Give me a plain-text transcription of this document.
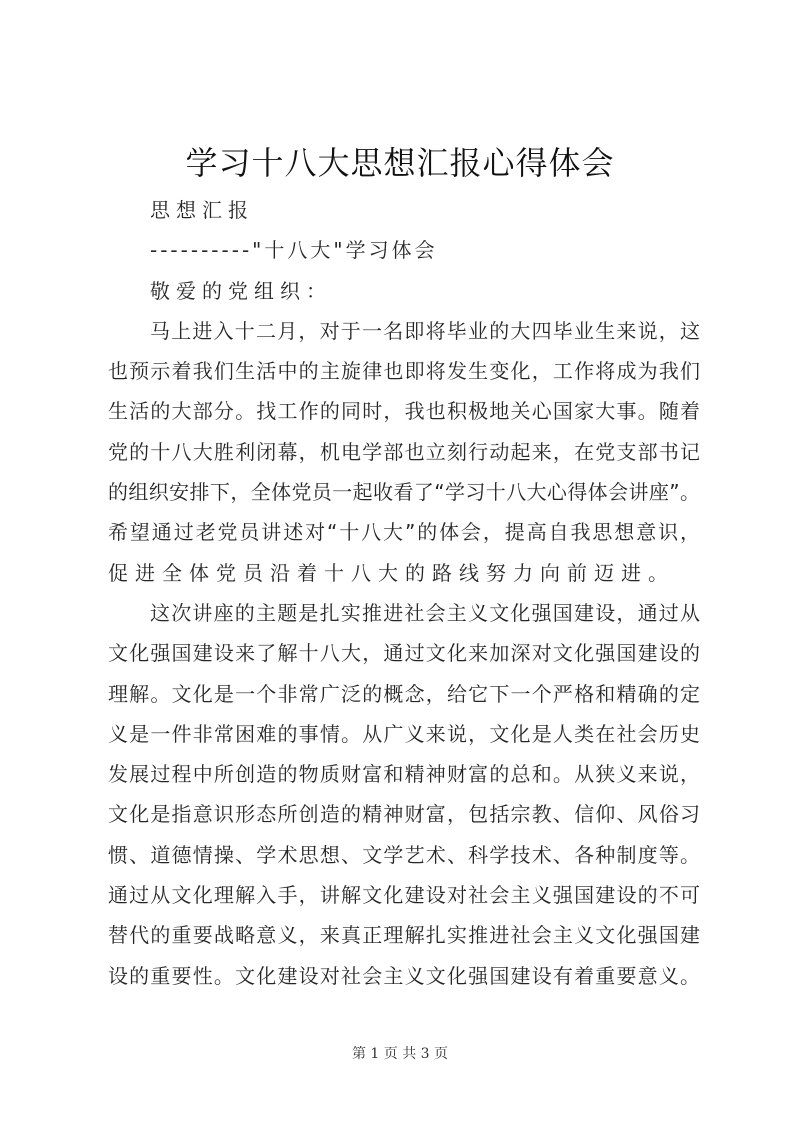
学习十八大思想汇报心得体会
思想汇报
----------"十八大"学习体会
敬爱的党组织：
马上进入十二月，对于一名即将毕业的大四毕业生来说，这
也预示着我们生活中的主旋律也即将发生变化，工作将成为我们
生活的大部分。找工作的同时，我也积极地关心国家大事。随着
党的十八大胜利闭幕，机电学部也立刻行动起来，在党支部书记
的组织安排下，全体党员一起收看了“学习十八大心得体会讲座”。
希望通过老党员讲述对“十八大”的体会，提高自我思想意识，
促进全体党员沿着十八大的路线努力向前迈进。
这次讲座的主题是扎实推进社会主义文化强国建设，通过从
文化强国建设来了解十八大，通过文化来加深对文化强国建设的
理解。文化是一个非常广泛的概念，给它下一个严格和精确的定
义是一件非常困难的事情。从广义来说，文化是人类在社会历史
发展过程中所创造的物质财富和精神财富的总和。从狭义来说，
文化是指意识形态所创造的精神财富，包括宗教、信仰、风俗习
惯、道德情操、学术思想、文学艺术、科学技术、各种制度等。
通过从文化理解入手，讲解文化建设对社会主义强国建设的不可
替代的重要战略意义，来真正理解扎实推进社会主义文化强国建
设的重要性。文化建设对社会主义文化强国建设有着重要意义。
第 1 页 共 3 页
